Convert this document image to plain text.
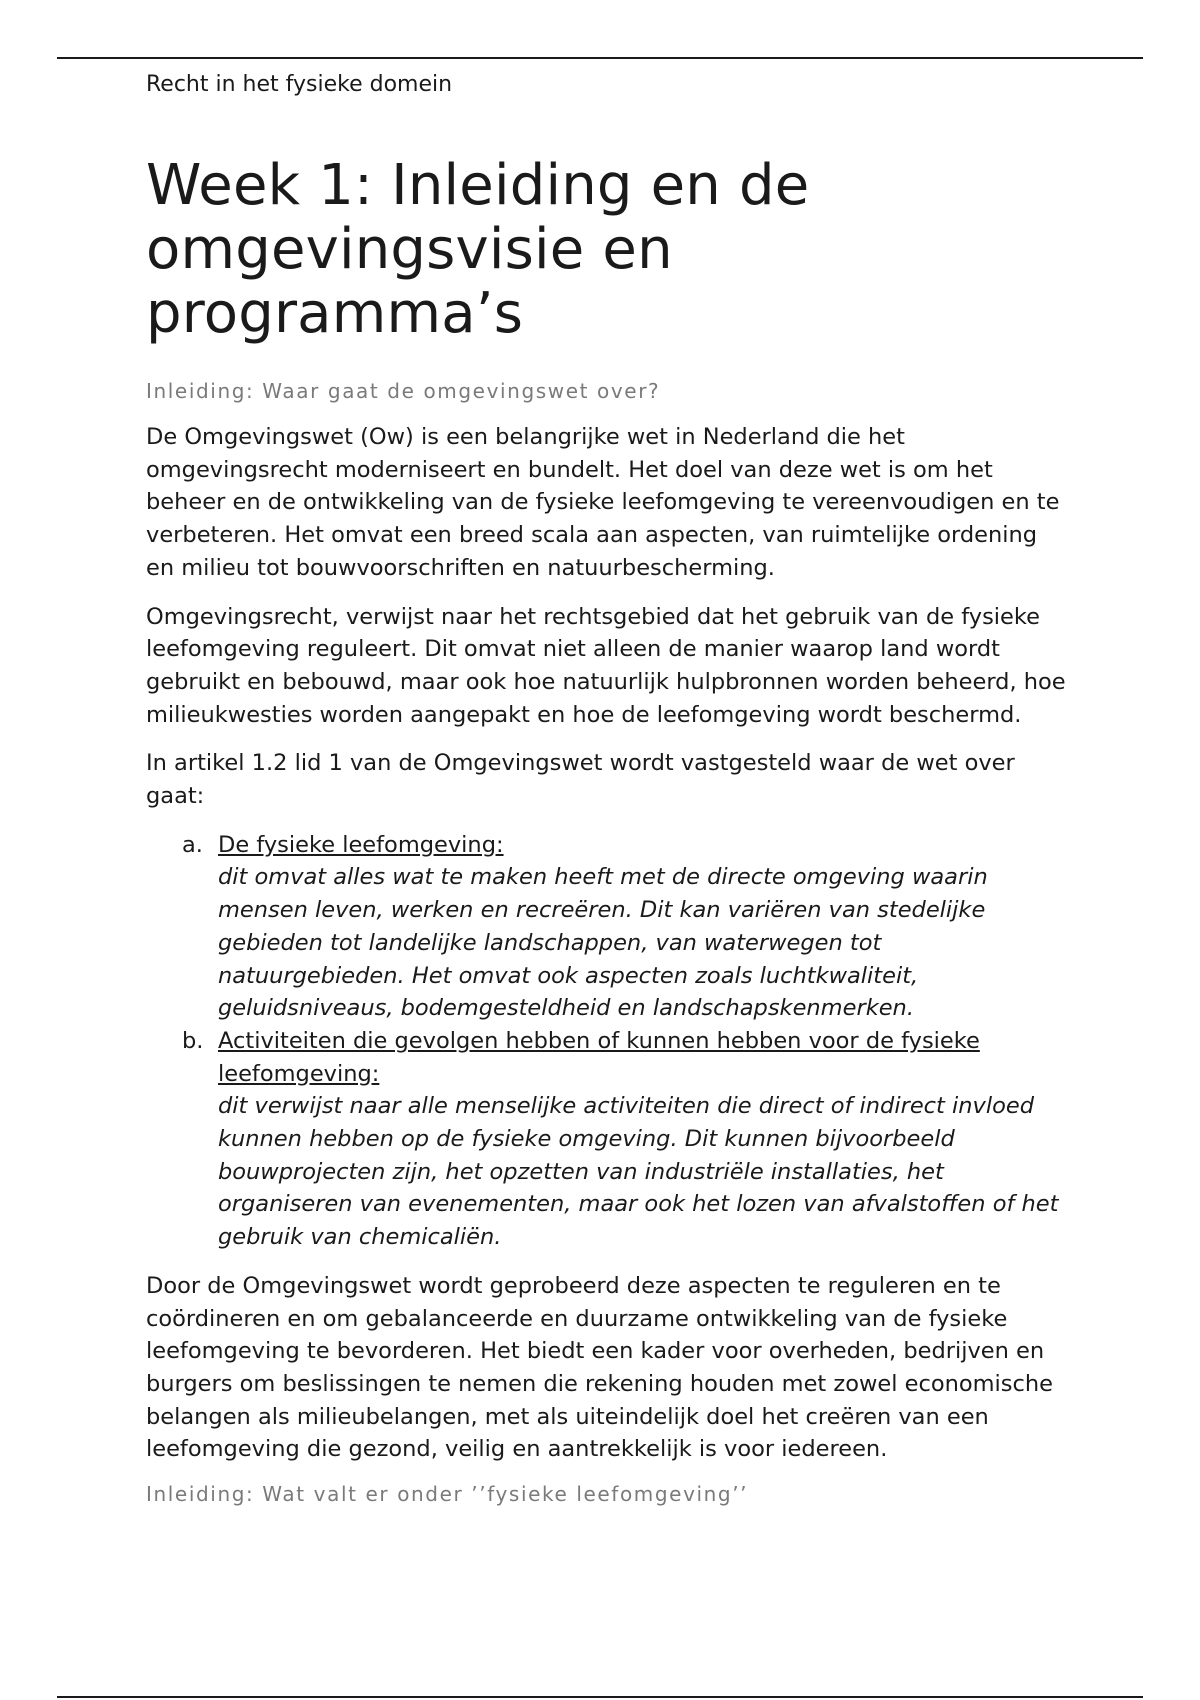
Recht in het fysieke domein

Week 1: Inleiding en de
omgevingsvisie en programma’s

Inleiding: Waar gaat de omgevingswet over?

De Omgevingswet (Ow) is een belangrijke wet in Nederland die het omgevingsrecht moderniseert en bundelt. Het doel van deze wet is om het beheer en de ontwikkeling van de fysieke leefomgeving te vereenvoudigen en te verbeteren. Het omvat een breed scala aan aspecten, van ruimtelijke ordening en milieu tot bouwvoorschriften en natuurbescherming.

Omgevingsrecht, verwijst naar het rechtsgebied dat het gebruik van de fysieke leefomgeving reguleert. Dit omvat niet alleen de manier waarop land wordt gebruikt en bebouwd, maar ook hoe natuurlijk hulpbronnen worden beheerd, hoe milieukwesties worden aangepakt en hoe de leefomgeving wordt beschermd.

In artikel 1.2 lid 1 van de Omgevingswet wordt vastgesteld waar de wet over gaat:

a. De fysieke leefomgeving:
dit omvat alles wat te maken heeft met de directe omgeving waarin mensen leven, werken en recreëren. Dit kan variëren van stedelijke gebieden tot landelijke landschappen, van waterwegen tot natuurgebieden. Het omvat ook aspecten zoals luchtkwaliteit, geluidsniveaus, bodemgesteldheid en landschapskenmerken.
b. Activiteiten die gevolgen hebben of kunnen hebben voor de fysieke leefomgeving:
dit verwijst naar alle menselijke activiteiten die direct of indirect invloed kunnen hebben op de fysieke omgeving. Dit kunnen bijvoorbeeld bouwprojecten zijn, het opzetten van industriële installaties, het organiseren van evenementen, maar ook het lozen van afvalstoffen of het gebruik van chemicaliën.

Door de Omgevingswet wordt geprobeerd deze aspecten te reguleren en te coördineren en om gebalanceerde en duurzame ontwikkeling van de fysieke leefomgeving te bevorderen. Het biedt een kader voor overheden, bedrijven en burgers om beslissingen te nemen die rekening houden met zowel economische belangen als milieubelangen, met als uiteindelijk doel het creëren van een leefomgeving die gezond, veilig en aantrekkelijk is voor iedereen.

Inleiding: Wat valt er onder ’’fysieke leefomgeving’’
